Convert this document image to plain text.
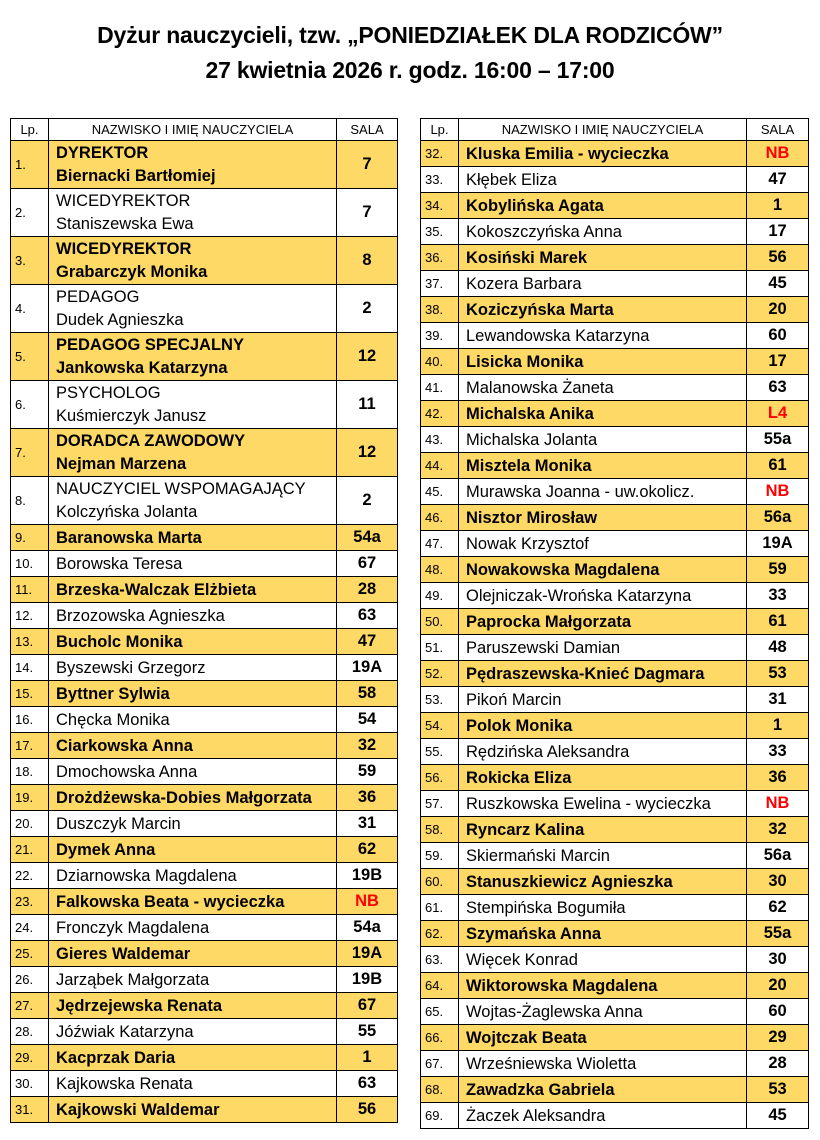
Dyżur nauczycieli, tzw. „PONIEDZIAŁEK DLA RODZICÓW”
27 kwietnia 2026 r. godz. 16:00 – 17:00
Lp.	NAZWISKO I IMIĘ NAUCZYCIELA	SALA
1.	DYREKTOR
Biernacki Bartłomiej	7
2.	WICEDYREKTOR
Staniszewska Ewa	7
3.	WICEDYREKTOR
Grabarczyk Monika	8
4.	PEDAGOG
Dudek Agnieszka	2
5.	PEDAGOG SPECJALNY
Jankowska Katarzyna	12
6.	PSYCHOLOG
Kuśmierczyk Janusz	11
7.	DORADCA ZAWODOWY
Nejman Marzena	12
8.	NAUCZYCIEL WSPOMAGAJĄCY
Kolczyńska Jolanta	2
9.	Baranowska Marta	54a
10.	Borowska Teresa	67
11.	Brzeska-Walczak Elżbieta	28
12.	Brzozowska Agnieszka	63
13.	Bucholc Monika	47
14.	Byszewski Grzegorz	19A
15.	Byttner Sylwia	58
16.	Chęcka Monika	54
17.	Ciarkowska Anna	32
18.	Dmochowska Anna	59
19.	Drożdżewska-Dobies Małgorzata	36
20.	Duszczyk Marcin	31
21.	Dymek Anna	62
22.	Dziarnowska Magdalena	19B
23.	Falkowska Beata - wycieczka	NB
24.	Fronczyk Magdalena	54a
25.	Gieres Waldemar	19A
26.	Jarząbek Małgorzata	19B
27.	Jędrzejewska Renata	67
28.	Jóźwiak Katarzyna	55
29.	Kacprzak Daria	1
30.	Kajkowska Renata	63
31.	Kajkowski Waldemar	56
Lp.	NAZWISKO I IMIĘ NAUCZYCIELA	SALA
32.	Kluska Emilia - wycieczka	NB
33.	Kłębek Eliza	47
34.	Kobylińska Agata	1
35.	Kokoszczyńska Anna	17
36.	Kosiński Marek	56
37.	Kozera Barbara	45
38.	Koziczyńska Marta	20
39.	Lewandowska Katarzyna	60
40.	Lisicka Monika	17
41.	Malanowska Żaneta	63
42.	Michalska Anika	L4
43.	Michalska Jolanta	55a
44.	Misztela Monika	61
45.	Murawska Joanna - uw.okolicz.	NB
46.	Nisztor Mirosław	56a
47.	Nowak Krzysztof	19A
48.	Nowakowska Magdalena	59
49.	Olejniczak-Wrońska Katarzyna	33
50.	Paprocka Małgorzata	61
51.	Paruszewski Damian	48
52.	Pędraszewska-Knieć Dagmara	53
53.	Pikoń Marcin	31
54.	Polok Monika	1
55.	Rędzińska Aleksandra	33
56.	Rokicka Eliza	36
57.	Ruszkowska Ewelina - wycieczka	NB
58.	Ryncarz Kalina	32
59.	Skiermański Marcin	56a
60.	Stanuszkiewicz Agnieszka	30
61.	Stempińska Bogumiła	62
62.	Szymańska Anna	55a
63.	Więcek Konrad	30
64.	Wiktorowska Magdalena	20
65.	Wojtas-Żaglewska Anna	60
66.	Wojtczak Beata	29
67.	Wrześniewska Wioletta	28
68.	Zawadzka Gabriela	53
69.	Żaczek Aleksandra	45
